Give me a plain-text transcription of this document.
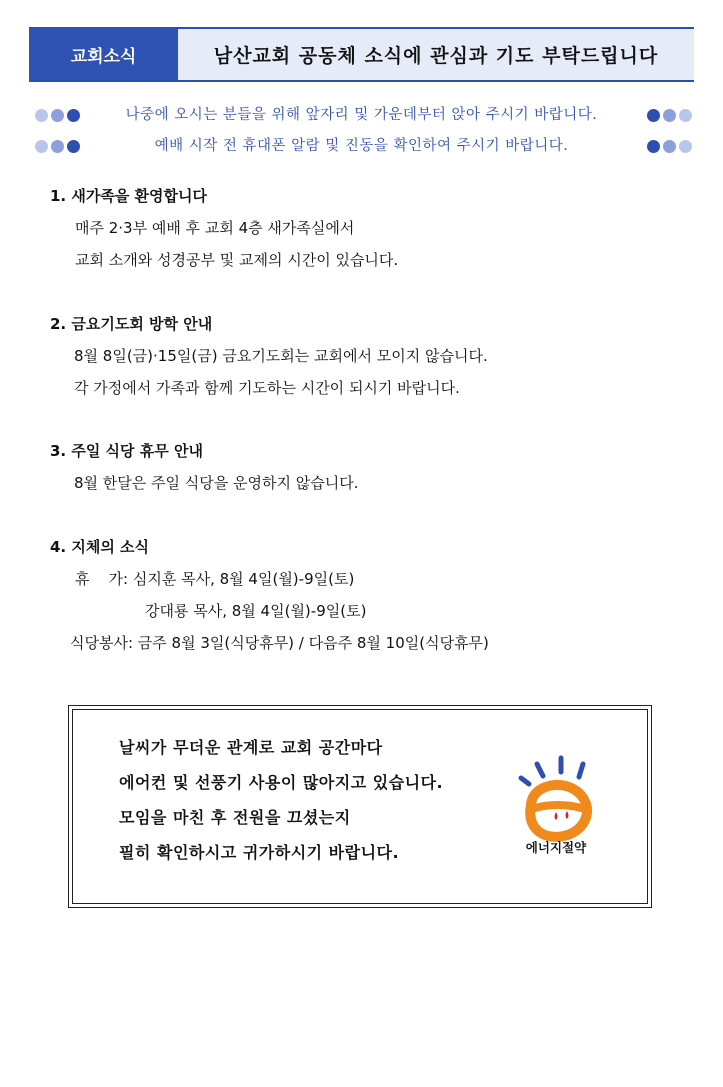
교회소식	남산교회 공동체 소식에 관심과 기도 부탁드립니다
나중에 오시는 분들을 위해 앞자리 및 가운데부터 앉아 주시기 바랍니다.
예배 시작 전 휴대폰 알람 및 진동을 확인하여 주시기 바랍니다.
1. 새가족을 환영합니다
매주 2·3부 예배 후 교회 4층 새가족실에서
교회 소개와 성경공부 및 교제의 시간이 있습니다.
2. 금요기도회 방학 안내
8월 8일(금)·15일(금) 금요기도회는 교회에서 모이지 않습니다.
각 가정에서 가족과 함께 기도하는 시간이 되시기 바랍니다.
3. 주일 식당 휴무 안내
8월 한달은 주일 식당을 운영하지 않습니다.
4. 지체의 소식
휴    가: 심지훈 목사, 8월 4일(월)-9일(토)
강대룡 목사, 8월 4일(월)-9일(토)
식당봉사: 금주 8월 3일(식당휴무) / 다음주 8월 10일(식당휴무)
날씨가 무더운 관계로 교회 공간마다
에어컨 및 선풍기 사용이 많아지고 있습니다.
모임을 마친 후 전원을 끄셨는지
필히 확인하시고 귀가하시기 바랍니다.	에너지절약
